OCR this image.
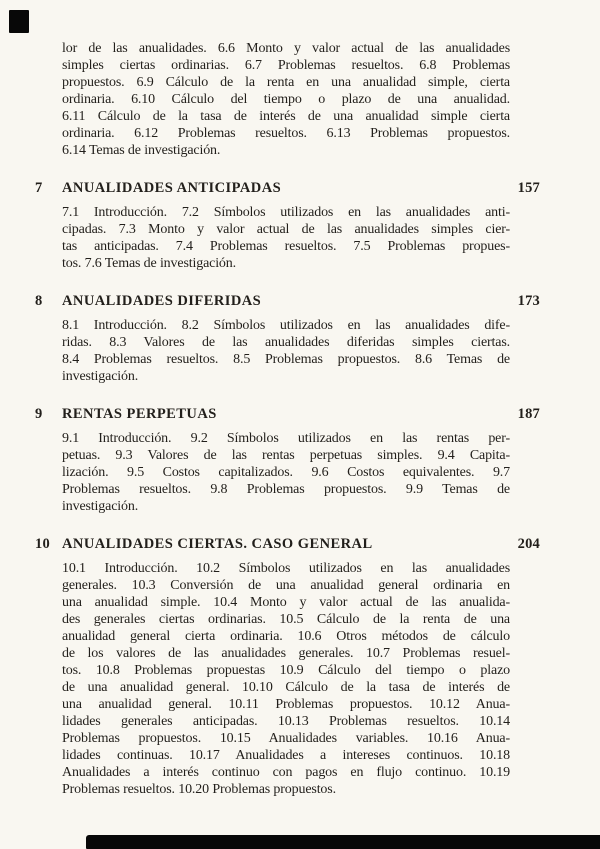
lor de las anualidades. 6.6 Monto y valor actual de las anualidades
simples ciertas ordinarias. 6.7 Problemas resueltos. 6.8 Problemas
propuestos. 6.9 Cálculo de la renta en una anualidad simple, cierta
ordinaria. 6.10 Cálculo del tiempo o plazo de una anualidad.
6.11 Cálculo de la tasa de interés de una anualidad simple cierta
ordinaria. 6.12 Problemas resueltos. 6.13 Problemas propuestos.
6.14 Temas de investigación.
7	ANUALIDADES ANTICIPADAS	157
7.1 Introducción. 7.2 Símbolos utilizados en las anualidades anti-
cipadas. 7.3 Monto y valor actual de las anualidades simples cier-
tas anticipadas. 7.4 Problemas resueltos. 7.5 Problemas propues-
tos. 7.6 Temas de investigación.
8	ANUALIDADES DIFERIDAS	173
8.1 Introducción. 8.2 Símbolos utilizados en las anualidades dife-
ridas. 8.3 Valores de las anualidades diferidas simples ciertas.
8.4 Problemas resueltos. 8.5 Problemas propuestos. 8.6 Temas de
investigación.
9	RENTAS PERPETUAS	187
9.1 Introducción. 9.2 Símbolos utilizados en las rentas per-
petuas. 9.3 Valores de las rentas perpetuas simples. 9.4 Capita-
lización. 9.5 Costos capitalizados. 9.6 Costos equivalentes. 9.7
Problemas resueltos. 9.8 Problemas propuestos. 9.9 Temas de
investigación.
10 ANUALIDADES CIERTAS. CASO GENERAL	204
10.1 Introducción. 10.2 Símbolos utilizados en las anualidades
generales. 10.3 Conversión de una anualidad general ordinaria en
una anualidad simple. 10.4 Monto y valor actual de las anualida-
des generales ciertas ordinarias. 10.5 Cálculo de la renta de una
anualidad general cierta ordinaria. 10.6 Otros métodos de cálculo
de los valores de las anualidades generales. 10.7 Problemas resuel-
tos. 10.8 Problemas propuestas 10.9 Cálculo del tiempo o plazo
de una anualidad general. 10.10 Cálculo de la tasa de interés de
una anualidad general. 10.11 Problemas propuestos. 10.12 Anua-
lidades generales anticipadas. 10.13 Problemas resueltos. 10.14
Problemas propuestos. 10.15 Anualidades variables. 10.16 Anua-
lidades continuas. 10.17 Anualidades a intereses continuos. 10.18
Anualidades a interés continuo con pagos en flujo continuo. 10.19
Problemas resueltos. 10.20 Problemas propuestos.
